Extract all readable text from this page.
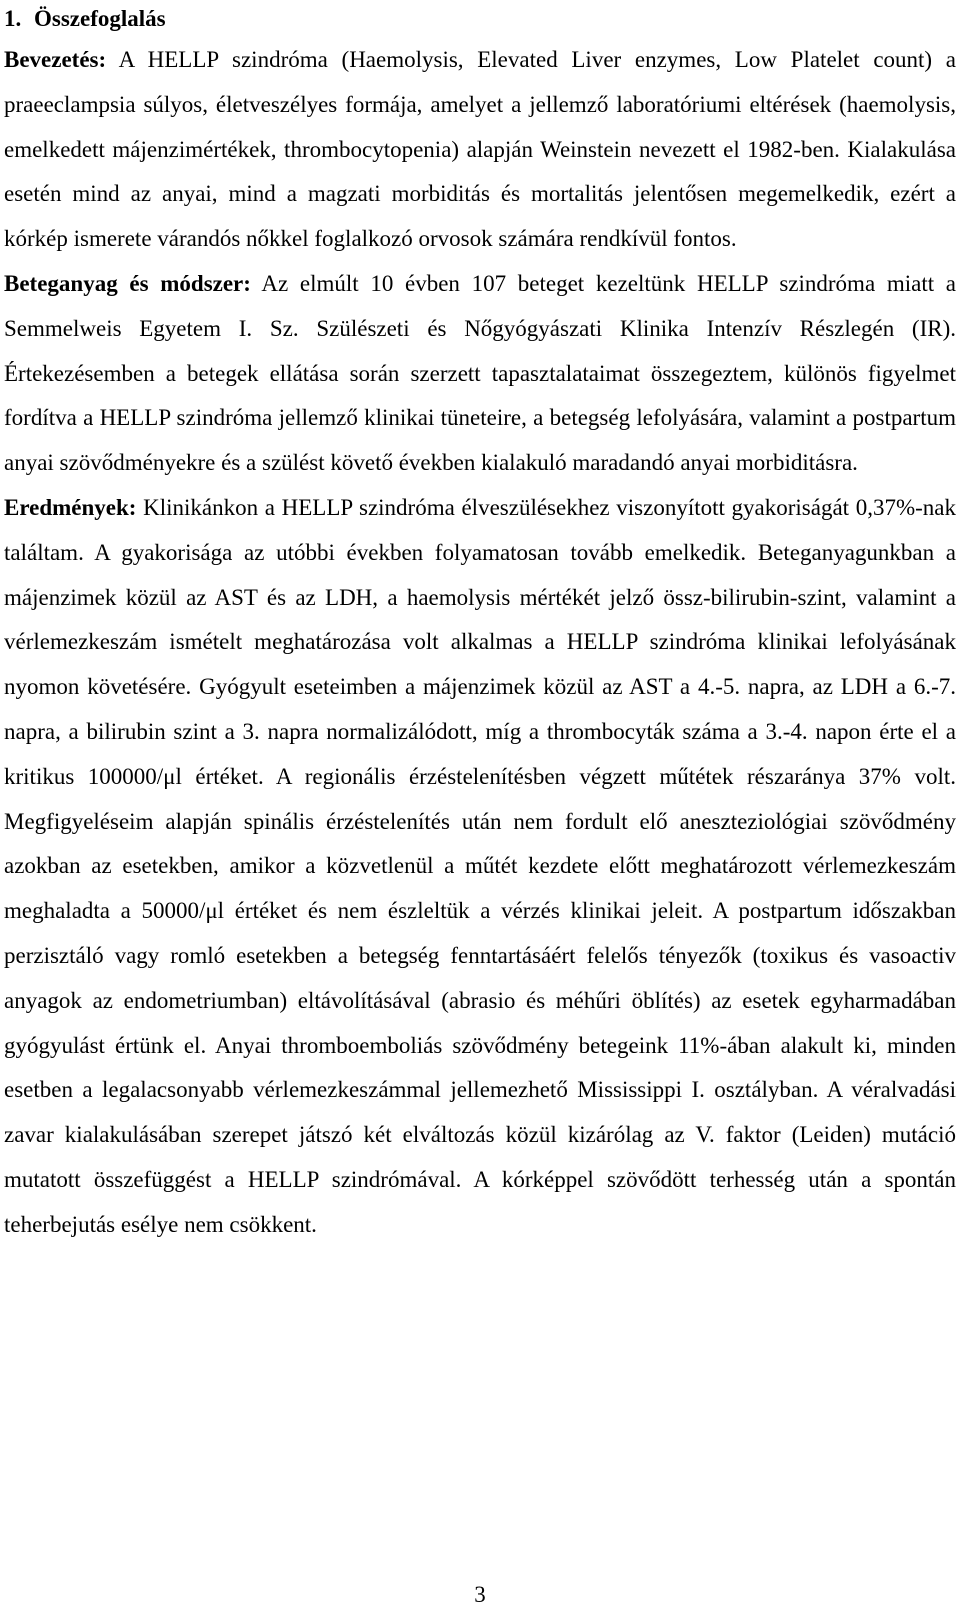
1. Összefoglalás

Bevezetés: A HELLP szindróma (Haemolysis, Elevated Liver enzymes, Low Platelet count) a praeeclampsia súlyos, életveszélyes formája, amelyet a jellemző laboratóriumi eltérések (haemolysis, emelkedett májenzimértékek, thrombocytopenia) alapján Weinstein nevezett el 1982-ben. Kialakulása esetén mind az anyai, mind a magzati morbiditás és mortalitás jelentősen megemelkedik, ezért a kórkép ismerete várandós nőkkel foglalkozó orvosok számára rendkívül fontos.

Beteganyag és módszer: Az elmúlt 10 évben 107 beteget kezeltünk HELLP szindróma miatt a Semmelweis Egyetem I. Sz. Szülészeti és Nőgyógyászati Klinika Intenzív Részlegén (IR). Értekezésemben a betegek ellátása során szerzett tapasztalataimat összegeztem, különös figyelmet fordítva a HELLP szindróma jellemző klinikai tüneteire, a betegség lefolyására, valamint a postpartum anyai szövődményekre és a szülést követő években kialakuló maradandó anyai morbiditásra.

Eredmények: Klinikánkon a HELLP szindróma élveszülésekhez viszonyított gyakoriságát 0,37%-nak találtam. A gyakorisága az utóbbi években folyamatosan tovább emelkedik. Beteganyagunkban a májenzimek közül az AST és az LDH, a haemolysis mértékét jelző össz-bilirubin-szint, valamint a vérlemezkeszám ismételt meghatározása volt alkalmas a HELLP szindróma klinikai lefolyásának nyomon követésére. Gyógyult eseteimben a májenzimek közül az AST a 4.-5. napra, az LDH a 6.-7. napra, a bilirubin szint a 3. napra normalizálódott, míg a thrombocyták száma a 3.-4. napon érte el a kritikus 100000/μl értéket. A regionális érzéstelenítésben végzett műtétek részaránya 37% volt. Megfigyeléseim alapján spinális érzéstelenítés után nem fordult elő aneszteziológiai szövődmény azokban az esetekben, amikor a közvetlenül a műtét kezdete előtt meghatározott vérlemezkeszám meghaladta a 50000/μl értéket és nem észleltük a vérzés klinikai jeleit. A postpartum időszakban perzisztáló vagy romló esetekben a betegség fenntartásáért felelős tényezők (toxikus és vasoactiv anyagok az endometriumban) eltávolításával (abrasio és méhűri öblítés) az esetek egyharmadában gyógyulást értünk el. Anyai thromboemboliás szövődmény betegeink 11%-ában alakult ki, minden esetben a legalacsonyabb vérlemezkeszámmal jellemezhető Mississippi I. osztályban. A véralvadási zavar kialakulásában szerepet játszó két elváltozás közül kizárólag az V. faktor (Leiden) mutáció mutatott összefüggést a HELLP szindrómával. A kórképpel szövődött terhesség után a spontán teherbejutás esélye nem csökkent.

3
